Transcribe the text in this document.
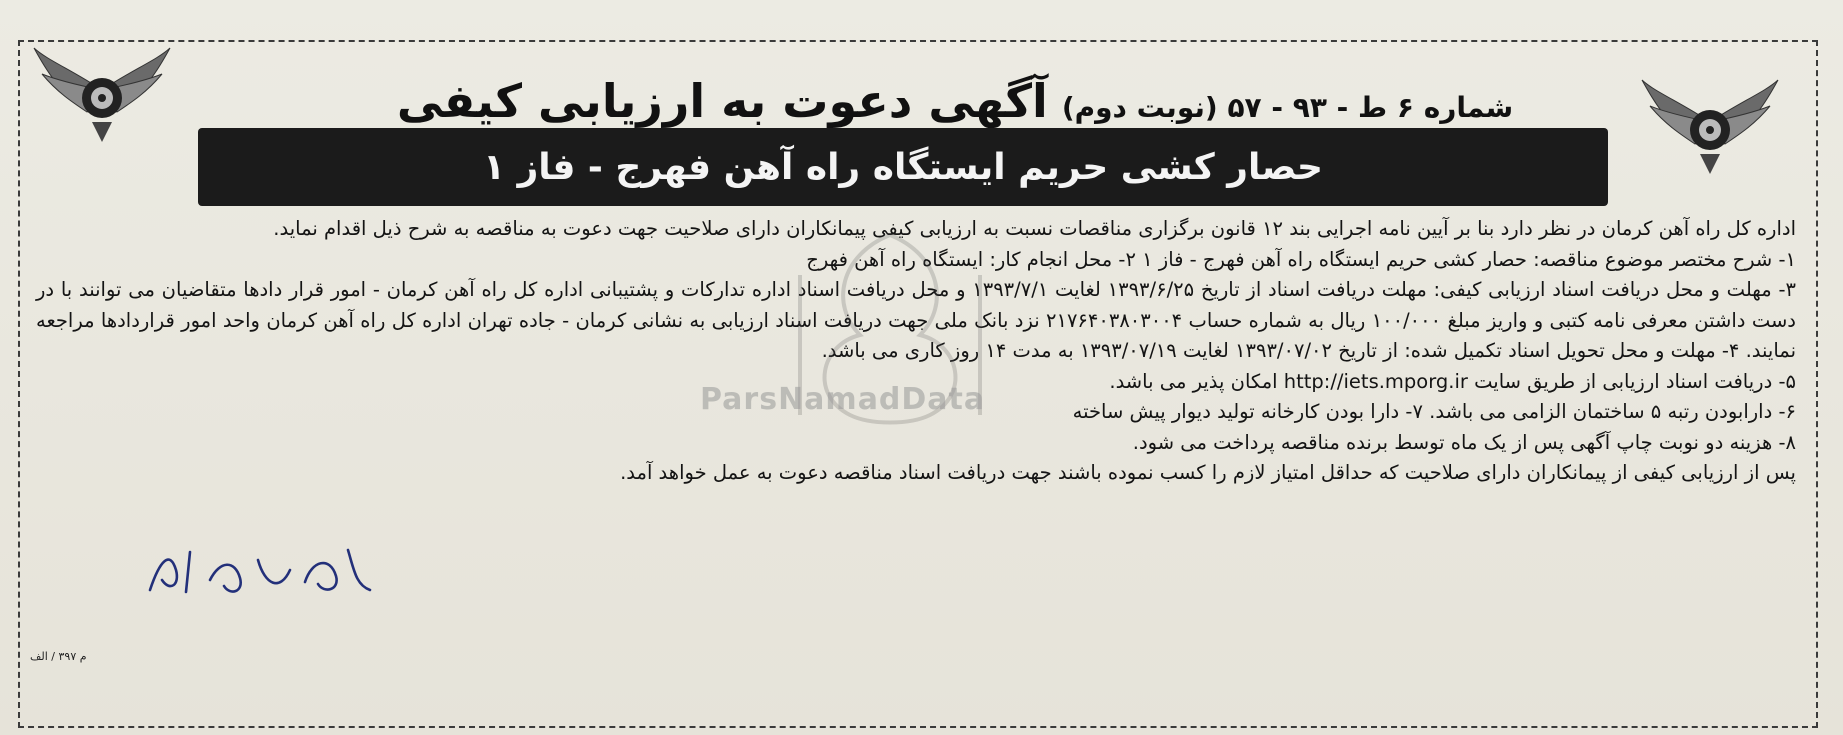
آگهی دعوت به ارزیابی کیفی شماره ۶ ط - ۹۳ - ۵۷ (نوبت دوم)
حصار کشی حریم ایستگاه راه آهن فهرج - فاز ۱

اداره کل راه آهن کرمان در نظر دارد بنا بر آیین نامه اجرایی بند ۱۲ قانون برگزاری مناقصات نسبت به ارزیابی کیفی پیمانکاران دارای صلاحیت جهت دعوت به مناقصه به شرح ذیل اقدام نماید.

۱- شرح مختصر موضوع مناقصه: حصار کشی حریم ایستگاه راه آهن فهرج - فاز ۱ ۲- محل انجام کار: ایستگاه راه آهن فهرج

۳- مهلت و محل دریافت اسناد ارزیابی کیفی: مهلت دریافت اسناد از تاریخ ۱۳۹۳/۶/۲۵ لغایت ۱۳۹۳/۷/۱ و محل دریافت اسناد اداره تدارکات و پشتیبانی اداره کل راه آهن کرمان - امور قرار دادها متقاضیان می توانند با در دست داشتن معرفی نامه کتبی و واریز مبلغ ۱۰۰/۰۰۰ ریال به شماره حساب ۲۱۷۶۴۰۳۸۰۳۰۰۴ نزد بانک ملی جهت دریافت اسناد ارزیابی به نشانی کرمان - جاده تهران اداره کل راه آهن کرمان واحد امور قراردادها مراجعه نمایند. ۴- مهلت و محل تحویل اسناد تکمیل شده: از تاریخ ۱۳۹۳/۰۷/۰۲ لغایت ۱۳۹۳/۰۷/۱۹ به مدت ۱۴ روز کاری می باشد.

۵- دریافت اسناد ارزیابی از طریق سایت http://iets.mporg.ir امکان پذیر می باشد.

۶- دارابودن رتبه ۵ ساختمان الزامی می باشد. ۷- دارا بودن کارخانه تولید دیوار پیش ساخته

۸- هزینه دو نوبت چاپ آگهی پس از یک ماه توسط برنده مناقصه پرداخت می شود.

پس از ارزیابی کیفی از پیمانکاران دارای صلاحیت که حداقل امتیاز لازم را کسب نموده باشند جهت دریافت اسناد مناقصه دعوت به عمل خواهد آمد.

ParsNamadData
م ۳۹۷ / الف
